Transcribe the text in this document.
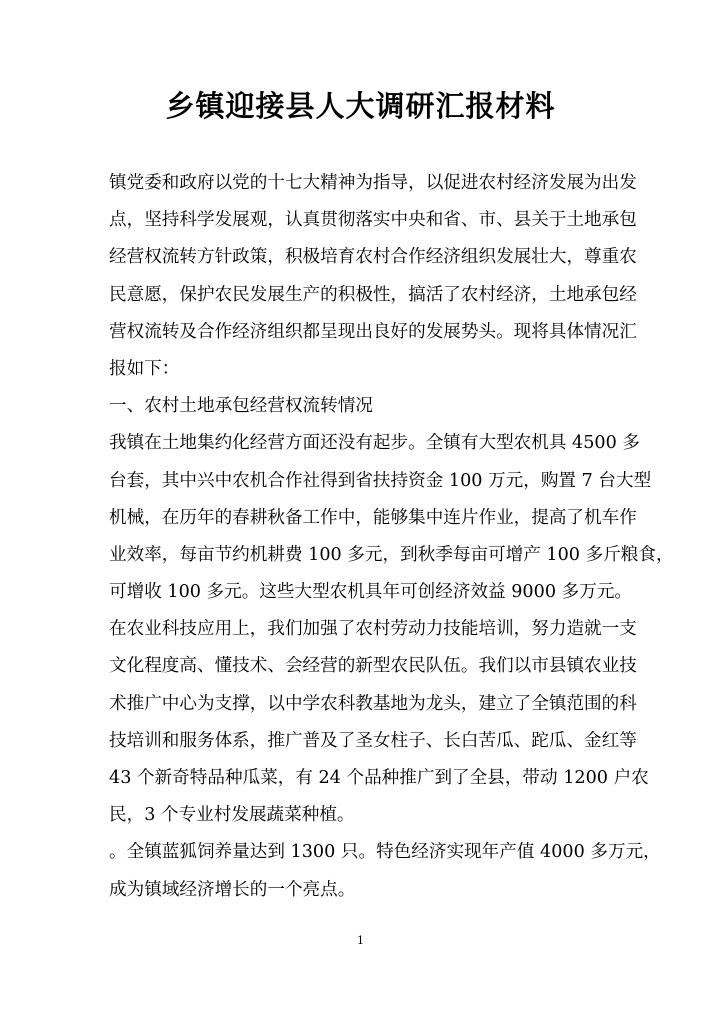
乡镇迎接县人大调研汇报材料
镇党委和政府以党的十七大精神为指导，以促进农村经济发展为出发
点，坚持科学发展观，认真贯彻落实中央和省、市、县关于土地承包
经营权流转方针政策，积极培育农村合作经济组织发展壮大，尊重农
民意愿，保护农民发展生产的积极性，搞活了农村经济，土地承包经
营权流转及合作经济组织都呈现出良好的发展势头。现将具体情况汇
报如下：
一、农村土地承包经营权流转情况
我镇在土地集约化经营方面还没有起步。全镇有大型农机具 4500 多
台套，其中兴中农机合作社得到省扶持资金 100 万元，购置 7 台大型
机械，在历年的春耕秋备工作中，能够集中连片作业，提高了机车作
业效率，每亩节约机耕费 100 多元，到秋季每亩可增产 100 多斤粮食，
可增收 100 多元。这些大型农机具年可创经济效益 9000 多万元。
在农业科技应用上，我们加强了农村劳动力技能培训，努力造就一支
文化程度高、懂技术、会经营的新型农民队伍。我们以市县镇农业技
术推广中心为支撑，以中学农科教基地为龙头，建立了全镇范围的科
技培训和服务体系，推广普及了圣女柱子、长白苦瓜、跎瓜、金红等
43 个新奇特品种瓜菜，有 24 个品种推广到了全县，带动 1200 户农
民，3 个专业村发展蔬菜种植。
。全镇蓝狐饲养量达到 1300 只。特色经济实现年产值 4000 多万元，
成为镇域经济增长的一个亮点。
1
